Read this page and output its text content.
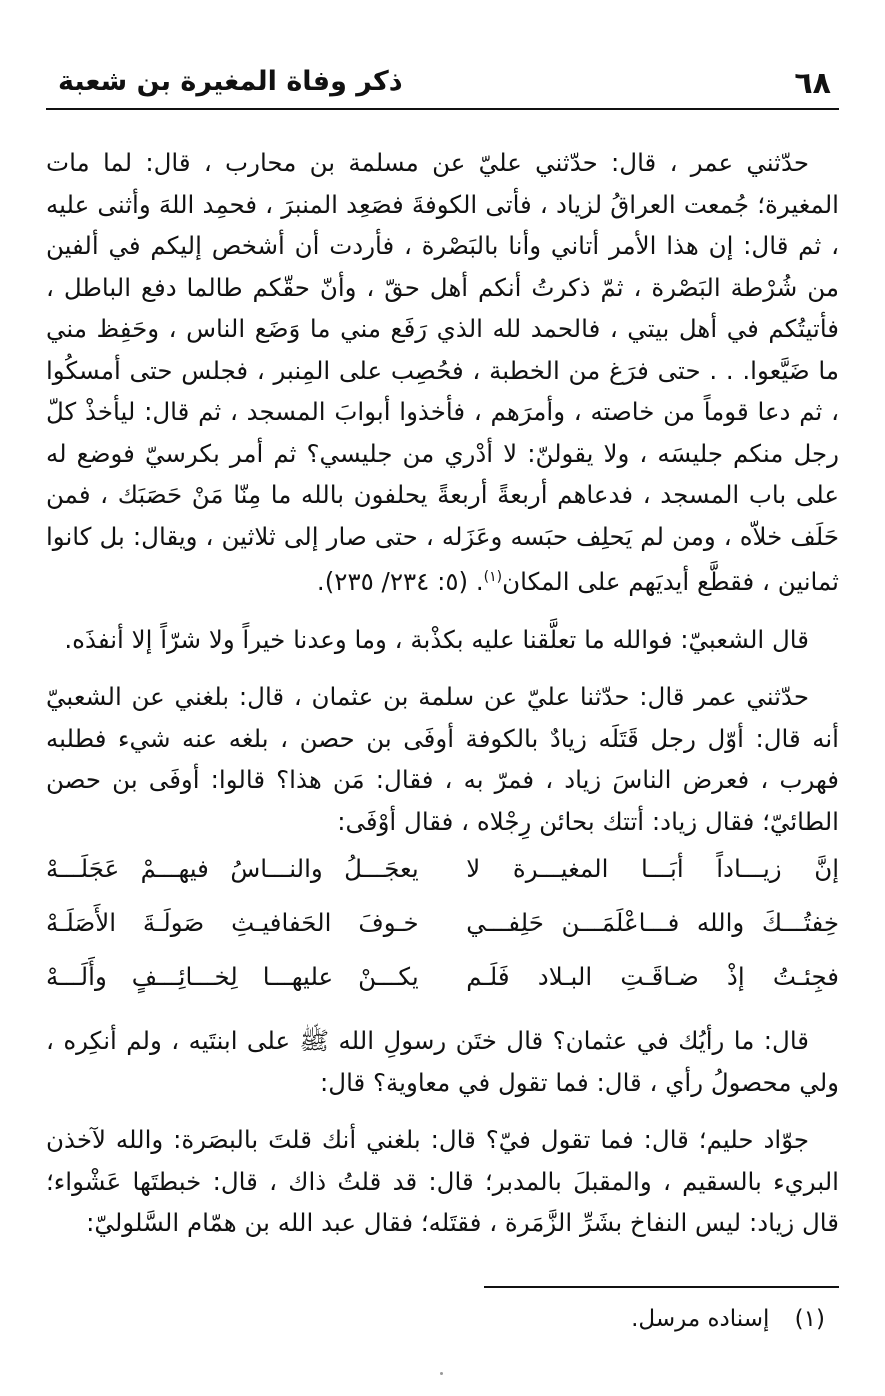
٦٨
ذكر وفاة المغيرة بن شعبة

حدّثني عمر ، قال: حدّثني عليّ عن مسلمة بن محارب ، قال: لما مات المغيرة؛ جُمعت العراقُ لزياد ، فأتى الكوفةَ فصَعِد المنبرَ ، فحمِد اللهَ وأثنى عليه ، ثم قال: إن هذا الأمر أتاني وأنا بالبَصْرة ، فأردت أن أشخص إليكم في ألفين من شُرْطة البَصْرة ، ثمّ ذكرتُ أنكم أهل حقّ ، وأنّ حقّكم طالما دفع الباطل ، فأتيتُكم في أهل بيتي ، فالحمد لله الذي رَفَع مني ما وَضَع الناس ، وحَفِظ مني ما ضَيَّعوا. . . حتى فرَغ من الخطبة ، فحُصِب على المِنبر ، فجلس حتى أمسكُوا ، ثم دعا قوماً من خاصته ، وأمرَهم ، فأخذوا أبوابَ المسجد ، ثم قال: ليأخذْ كلّ رجل منكم جليسَه ، ولا يقولنّ: لا أدْري من جليسي؟ ثم أمر بكرسيّ فوضع له على باب المسجد ، فدعاهم أربعةً أربعةً يحلفون بالله ما مِنّا مَنْ حَصَبَك ، فمن حَلَف خلاّه ، ومن لم يَحلِف حبَسه وعَزَله ، حتى صار إلى ثلاثين ، ويقال: بل كانوا ثمانين ، فقطَّع أيديَهم على المكان$^{(١)}$. (٥: ٢٣٤/ ٢٣٥).

قال الشعبيّ: فوالله ما تعلَّقنا عليه بكذْبة ، وما وعدنا خيراً ولا شرّاً إلا أنفذَه.

حدّثني عمر قال: حدّثنا عليّ عن سلمة بن عثمان ، قال: بلغني عن الشعبيّ أنه قال: أوّل رجل قَتَلَه زيادٌ بالكوفة أوفَى بن حصن ، بلغه عنه شيء فطلبه فهرب ، فعرض الناسَ زياد ، فمرّ به ، فقال: مَن هذا؟ قالوا: أوفَى بن حصن الطائيّ؛ فقال زياد: أتتك بحائن رِجْلاه ، فقال أوْفَى:

إنَّ زيـــاداً أبَـــا المغيـــرة لا
يعجَـــلُ والنـــاسُ فيهـــمْ عَجَلَـــهْ
خِفتُـــكَ والله فـــاعْلَمَـــن حَلِفـــي
خـوفَ الحَفافيـثِ صَولَـةَ الأَصَلَـهْ
فجِئـتُ إذْ ضـاقَـتِ البـلاد فَلَـم
يكـــنْ عليهـــا لِخـــائِـــفٍ وأَلَـــهْ

قال: ما رأيُك في عثمان؟ قال ختَن رسولِ الله ﷺ على ابنتَيه ، ولم أنكِره ، ولي محصولُ رأي ، قال: فما تقول في معاوية؟ قال:

جوّاد حليم؛ قال: فما تقول فيّ؟ قال: بلغني أنك قلتَ بالبصَرة: والله لآخذن البريء بالسقيم ، والمقبلَ بالمدبر؛ قال: قد قلتُ ذاك ، قال: خبطتَها عَشْواء؛ قال زياد: ليس النفاخ بشَرِّ الزَّمَرة ، فقتَله؛ فقال عبد الله بن همّام السَّلوليّ:

(١) إسناده مرسل.
